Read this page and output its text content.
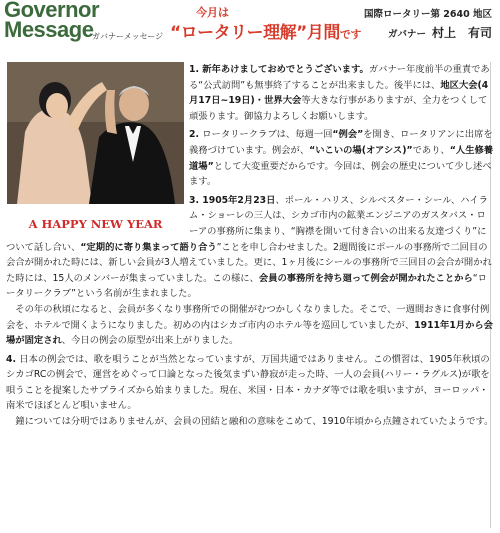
Governor
Message
ガバナーメッセージ
今月は
“ロータリー理解”月間です
国際ロータリー第 2640 地区
ガバナー 村上　有司
A HAPPY NEW YEAR

1. 新年あけましておめでとうございます。ガバナー年度前半の重責である“公式訪問”も無事終了することが出来ました。後半には、地区大会(4月17日~19日)・世界大会等大きな行事がありますが、全力をつくして頑張ります。御協力よろしくお願いします。

2. ロータリークラブは、毎週一回“例会”を開き、ロータリアンに出席を義務づけています。例会が、“いこいの場(オアシス)”であり、“人生修養道場”として大変重要だからです。今回は、例会の歴史について少し述べます。

3. 1905年2月23日、ポール・ハリス、シルベスター・シール、ハイラム・ショーレの三人は、シカゴ市内の鉱業エンジニアのガスタバス・ローアの事務所に集まり、“胸襟を開いて付き合いの出来る友達づくり”について話し合い、“定期的に寄り集まって語り合う”ことを申し合わせました。2週間後にポールの事務所で二回目の会合が開かれた時には、新しい会員が3人増えていました。更に、1ヶ月後にシールの事務所で三回目の会合が開かれた時には、15人のメンバーが集まっていました。この様に、会員の事務所を持ち廻って例会が開かれたことから“ロータリークラブ”という名前が生まれました。

　その年の秋頃になると、会員が多くなり事務所での開催がむつかしくなりました。そこで、一週間おきに食事付例会を、ホテルで開くようになりました。初めの内はシカゴ市内のホテル等を巡回していましたが、1911年1月から会場が固定され、今日の例会の原型が出来上がりました。

4. 日本の例会では、歌を唄うことが当然となっていますが、万国共通ではありません。この慣習は、1905年秋頃のシカゴRCの例会で、運営をめぐって口論となった後気まずい静寂が走った時、一人の会員(ハリー・ラグルス)が歌を唄うことを提案したサプライズから始まりました。現在、米国・日本・カナダ等では歌を唄いますが、ヨーロッパ・南米でほぼとんど唄いません。

　鐘については分明ではありませんが、会員の団結と融和の意味をこめて、1910年頃から点鐘されていたようです。
